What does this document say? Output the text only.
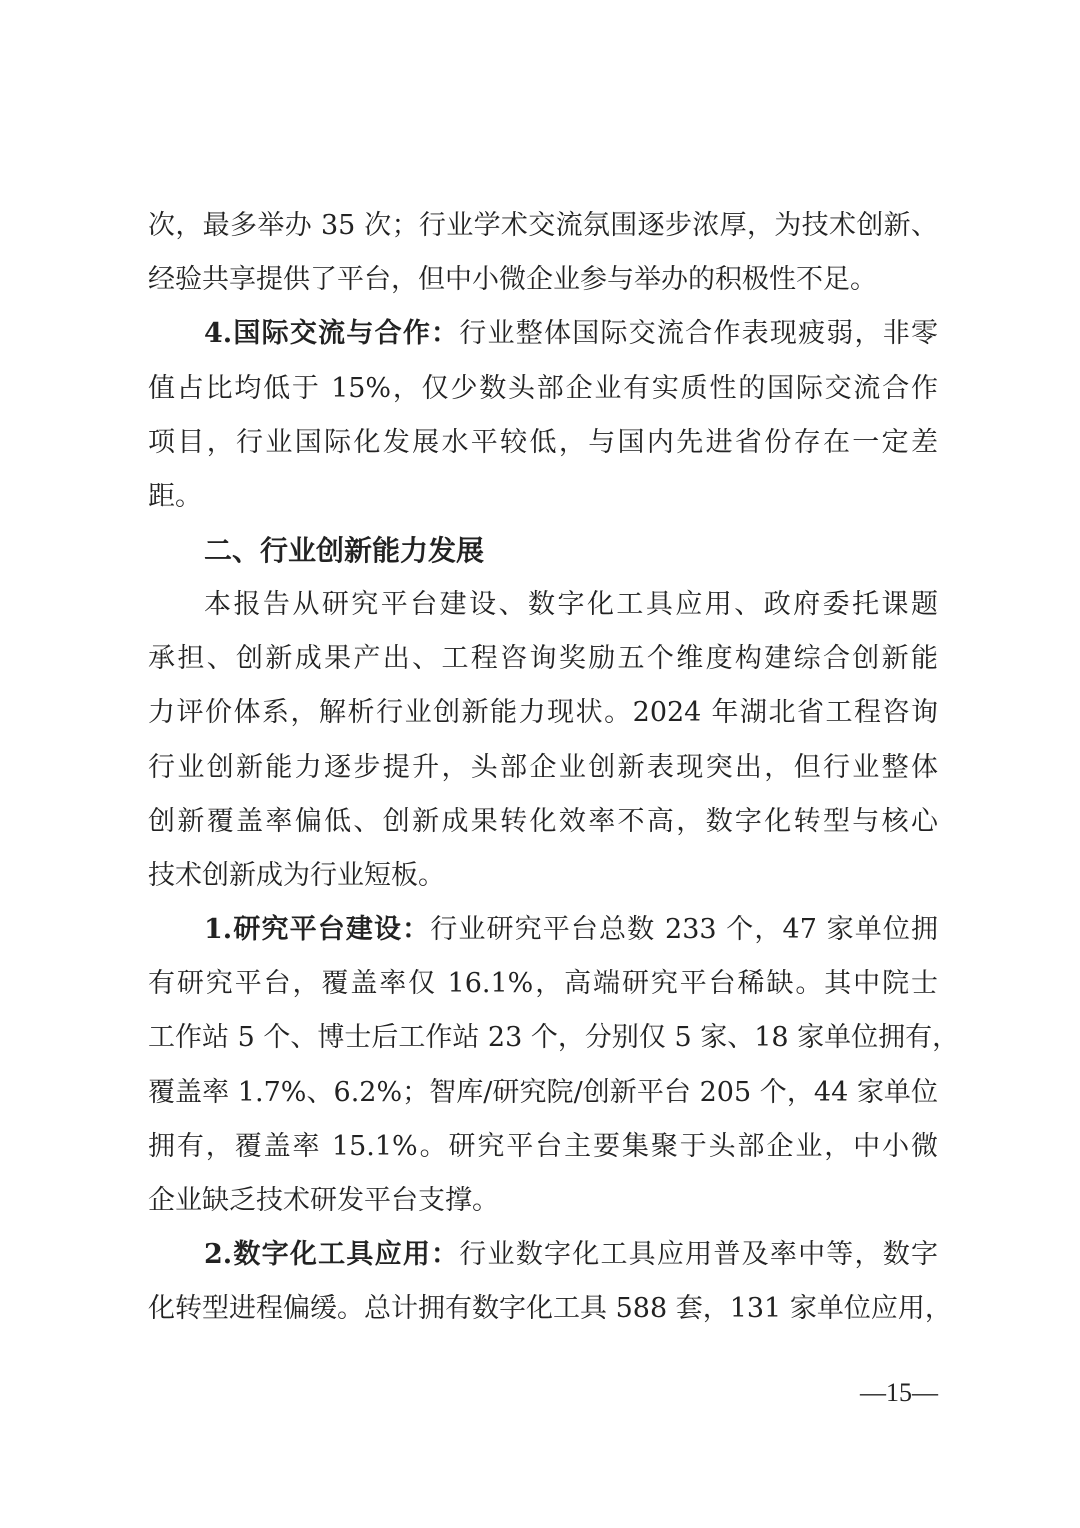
次，最多举办 35 次；行业学术交流氛围逐步浓厚，为技术创新、
经验共享提供了平台，但中小微企业参与举办的积极性不足。
4.国际交流与合作：行业整体国际交流合作表现疲弱，非零
值占比均低于 15%，仅少数头部企业有实质性的国际交流合作
项目，行业国际化发展水平较低，与国内先进省份存在一定差
距。
二、行业创新能力发展
本报告从研究平台建设、数字化工具应用、政府委托课题
承担、创新成果产出、工程咨询奖励五个维度构建综合创新能
力评价体系，解析行业创新能力现状。2024 年湖北省工程咨询
行业创新能力逐步提升，头部企业创新表现突出，但行业整体
创新覆盖率偏低、创新成果转化效率不高，数字化转型与核心
技术创新成为行业短板。
1.研究平台建设：行业研究平台总数 233 个，47 家单位拥
有研究平台，覆盖率仅 16.1%，高端研究平台稀缺。其中院士
工作站 5 个、博士后工作站 23 个，分别仅 5 家、18 家单位拥有，
覆盖率 1.7%、6.2%；智库/研究院/创新平台 205 个，44 家单位
拥有，覆盖率 15.1%。研究平台主要集聚于头部企业，中小微
企业缺乏技术研发平台支撑。
2.数字化工具应用：行业数字化工具应用普及率中等，数字
化转型进程偏缓。总计拥有数字化工具 588 套，131 家单位应用，
—15—
